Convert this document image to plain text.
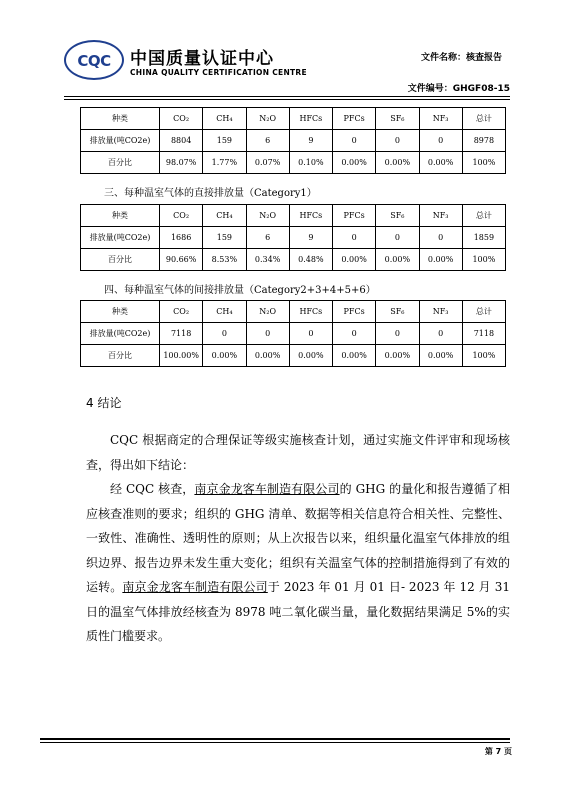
CQC	中国质量认证中心
CHINA QUALITY CERTIFICATION CENTRE
文件名称：核查报告
文件编号：GHGF08-15
种类	CO₂	CH₄	N₂O	HFCs	PFCs	SF₆	NF₃	总计
排放量(吨CO2e)	8804	159	6	9	0	0	0	8978
百分比	98.07%	1.77%	0.07%	0.10%	0.00%	0.00%	0.00%	100%
三、每种温室气体的直接排放量（Category1）
种类	CO₂	CH₄	N₂O	HFCs	PFCs	SF₆	NF₃	总计
排放量(吨CO2e)	1686	159	6	9	0	0	0	1859
百分比	90.66%	8.53%	0.34%	0.48%	0.00%	0.00%	0.00%	100%
四、每种温室气体的间接排放量（Category2+3+4+5+6）
种类	CO₂	CH₄	N₂O	HFCs	PFCs	SF₆	NF₃	总计
排放量(吨CO2e)	7118	0	0	0	0	0	0	7118
百分比	100.00%	0.00%	0.00%	0.00%	0.00%	0.00%	0.00%	100%
4 结论
CQC 根据商定的合理保证等级实施核查计划，通过实施文件评审和现场核查，得出如下结论：
经 CQC 核查，南京金龙客车制造有限公司的 GHG 的量化和报告遵循了相应核查准则的要求；组织的 GHG 清单、数据等相关信息符合相关性、完整性、一致性、准确性、透明性的原则；从上次报告以来，组织量化温室气体排放的组织边界、报告边界未发生重大变化；组织有关温室气体的控制措施得到了有效的运转。南京金龙客车制造有限公司于 2023 年 01 月 01 日- 2023 年 12 月 31 日的温室气体排放经核查为 8978 吨二氧化碳当量，量化数据结果满足 5%的实质性门槛要求。
第 7 页
